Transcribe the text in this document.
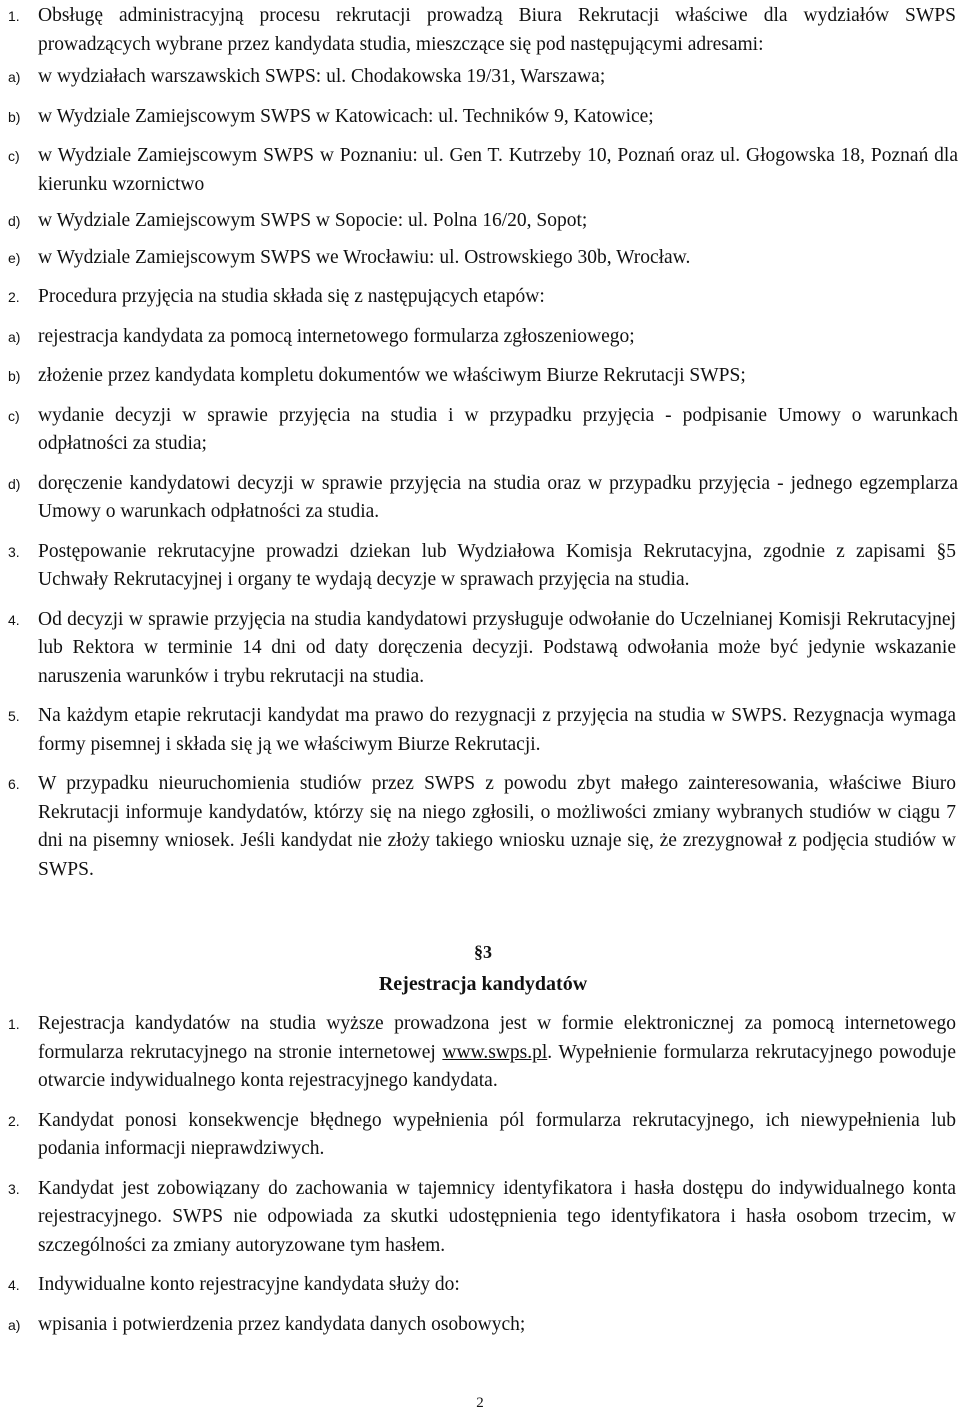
1. Obsługę administracyjną procesu rekrutacji prowadzą Biura Rekrutacji właściwe dla wydziałów SWPS prowadzących wybrane przez kandydata studia, mieszczące się pod następującymi adresami:
a) w wydziałach warszawskich SWPS: ul. Chodakowska 19/31, Warszawa;
b) w Wydziale Zamiejscowym SWPS w Katowicach: ul. Techników 9, Katowice;
c) w Wydziale Zamiejscowym SWPS w Poznaniu: ul. Gen T. Kutrzeby 10, Poznań oraz ul. Głogowska 18, Poznań dla kierunku wzornictwo
d) w Wydziale Zamiejscowym SWPS w Sopocie: ul. Polna 16/20, Sopot;
e) w Wydziale Zamiejscowym SWPS we Wrocławiu: ul. Ostrowskiego 30b, Wrocław.
2. Procedura przyjęcia na studia składa się z następujących etapów:
a) rejestracja kandydata za pomocą internetowego formularza zgłoszeniowego;
b) złożenie przez kandydata kompletu dokumentów we właściwym Biurze Rekrutacji SWPS;
c) wydanie decyzji w sprawie przyjęcia na studia i w przypadku przyjęcia - podpisanie Umowy o warunkach odpłatności za studia;
d) doręczenie kandydatowi decyzji w sprawie przyjęcia na studia oraz w przypadku przyjęcia - jednego egzemplarza Umowy o warunkach odpłatności za studia.
3. Postępowanie rekrutacyjne prowadzi dziekan lub Wydziałowa Komisja Rekrutacyjna, zgodnie z zapisami §5 Uchwały Rekrutacyjnej i organy te wydają decyzje w sprawach przyjęcia na studia.
4. Od decyzji w sprawie przyjęcia na studia kandydatowi przysługuje odwołanie do Uczelnianej Komisji Rekrutacyjnej lub Rektora w terminie 14 dni od daty doręczenia decyzji. Podstawą odwołania może być jedynie wskazanie naruszenia warunków i trybu rekrutacji na studia.
5. Na każdym etapie rekrutacji kandydat ma prawo do rezygnacji z przyjęcia na studia w SWPS. Rezygnacja wymaga formy pisemnej i składa się ją we właściwym Biurze Rekrutacji.
6. W przypadku nieuruchomienia studiów przez SWPS z powodu zbyt małego zainteresowania, właściwe Biuro Rekrutacji informuje kandydatów, którzy się na niego zgłosili, o możliwości zmiany wybranych studiów w ciągu 7 dni na pisemny wniosek. Jeśli kandydat nie złoży takiego wniosku uznaje się, że zrezygnował z podjęcia studiów w SWPS.
§3
Rejestracja kandydatów
1. Rejestracja kandydatów na studia wyższe prowadzona jest w formie elektronicznej za pomocą internetowego formularza rekrutacyjnego na stronie internetowej www.swps.pl. Wypełnienie formularza rekrutacyjnego powoduje otwarcie indywidualnego konta rejestracyjnego kandydata.
2. Kandydat ponosi konsekwencje błędnego wypełnienia pól formularza rekrutacyjnego, ich niewypełnienia lub podania informacji nieprawdziwych.
3. Kandydat jest zobowiązany do zachowania w tajemnicy identyfikatora i hasła dostępu do indywidualnego konta rejestracyjnego. SWPS nie odpowiada za skutki udostępnienia tego identyfikatora i hasła osobom trzecim, w szczególności za zmiany autoryzowane tym hasłem.
4. Indywidualne konto rejestracyjne kandydata służy do:
a) wpisania i potwierdzenia przez kandydata danych osobowych;
2
